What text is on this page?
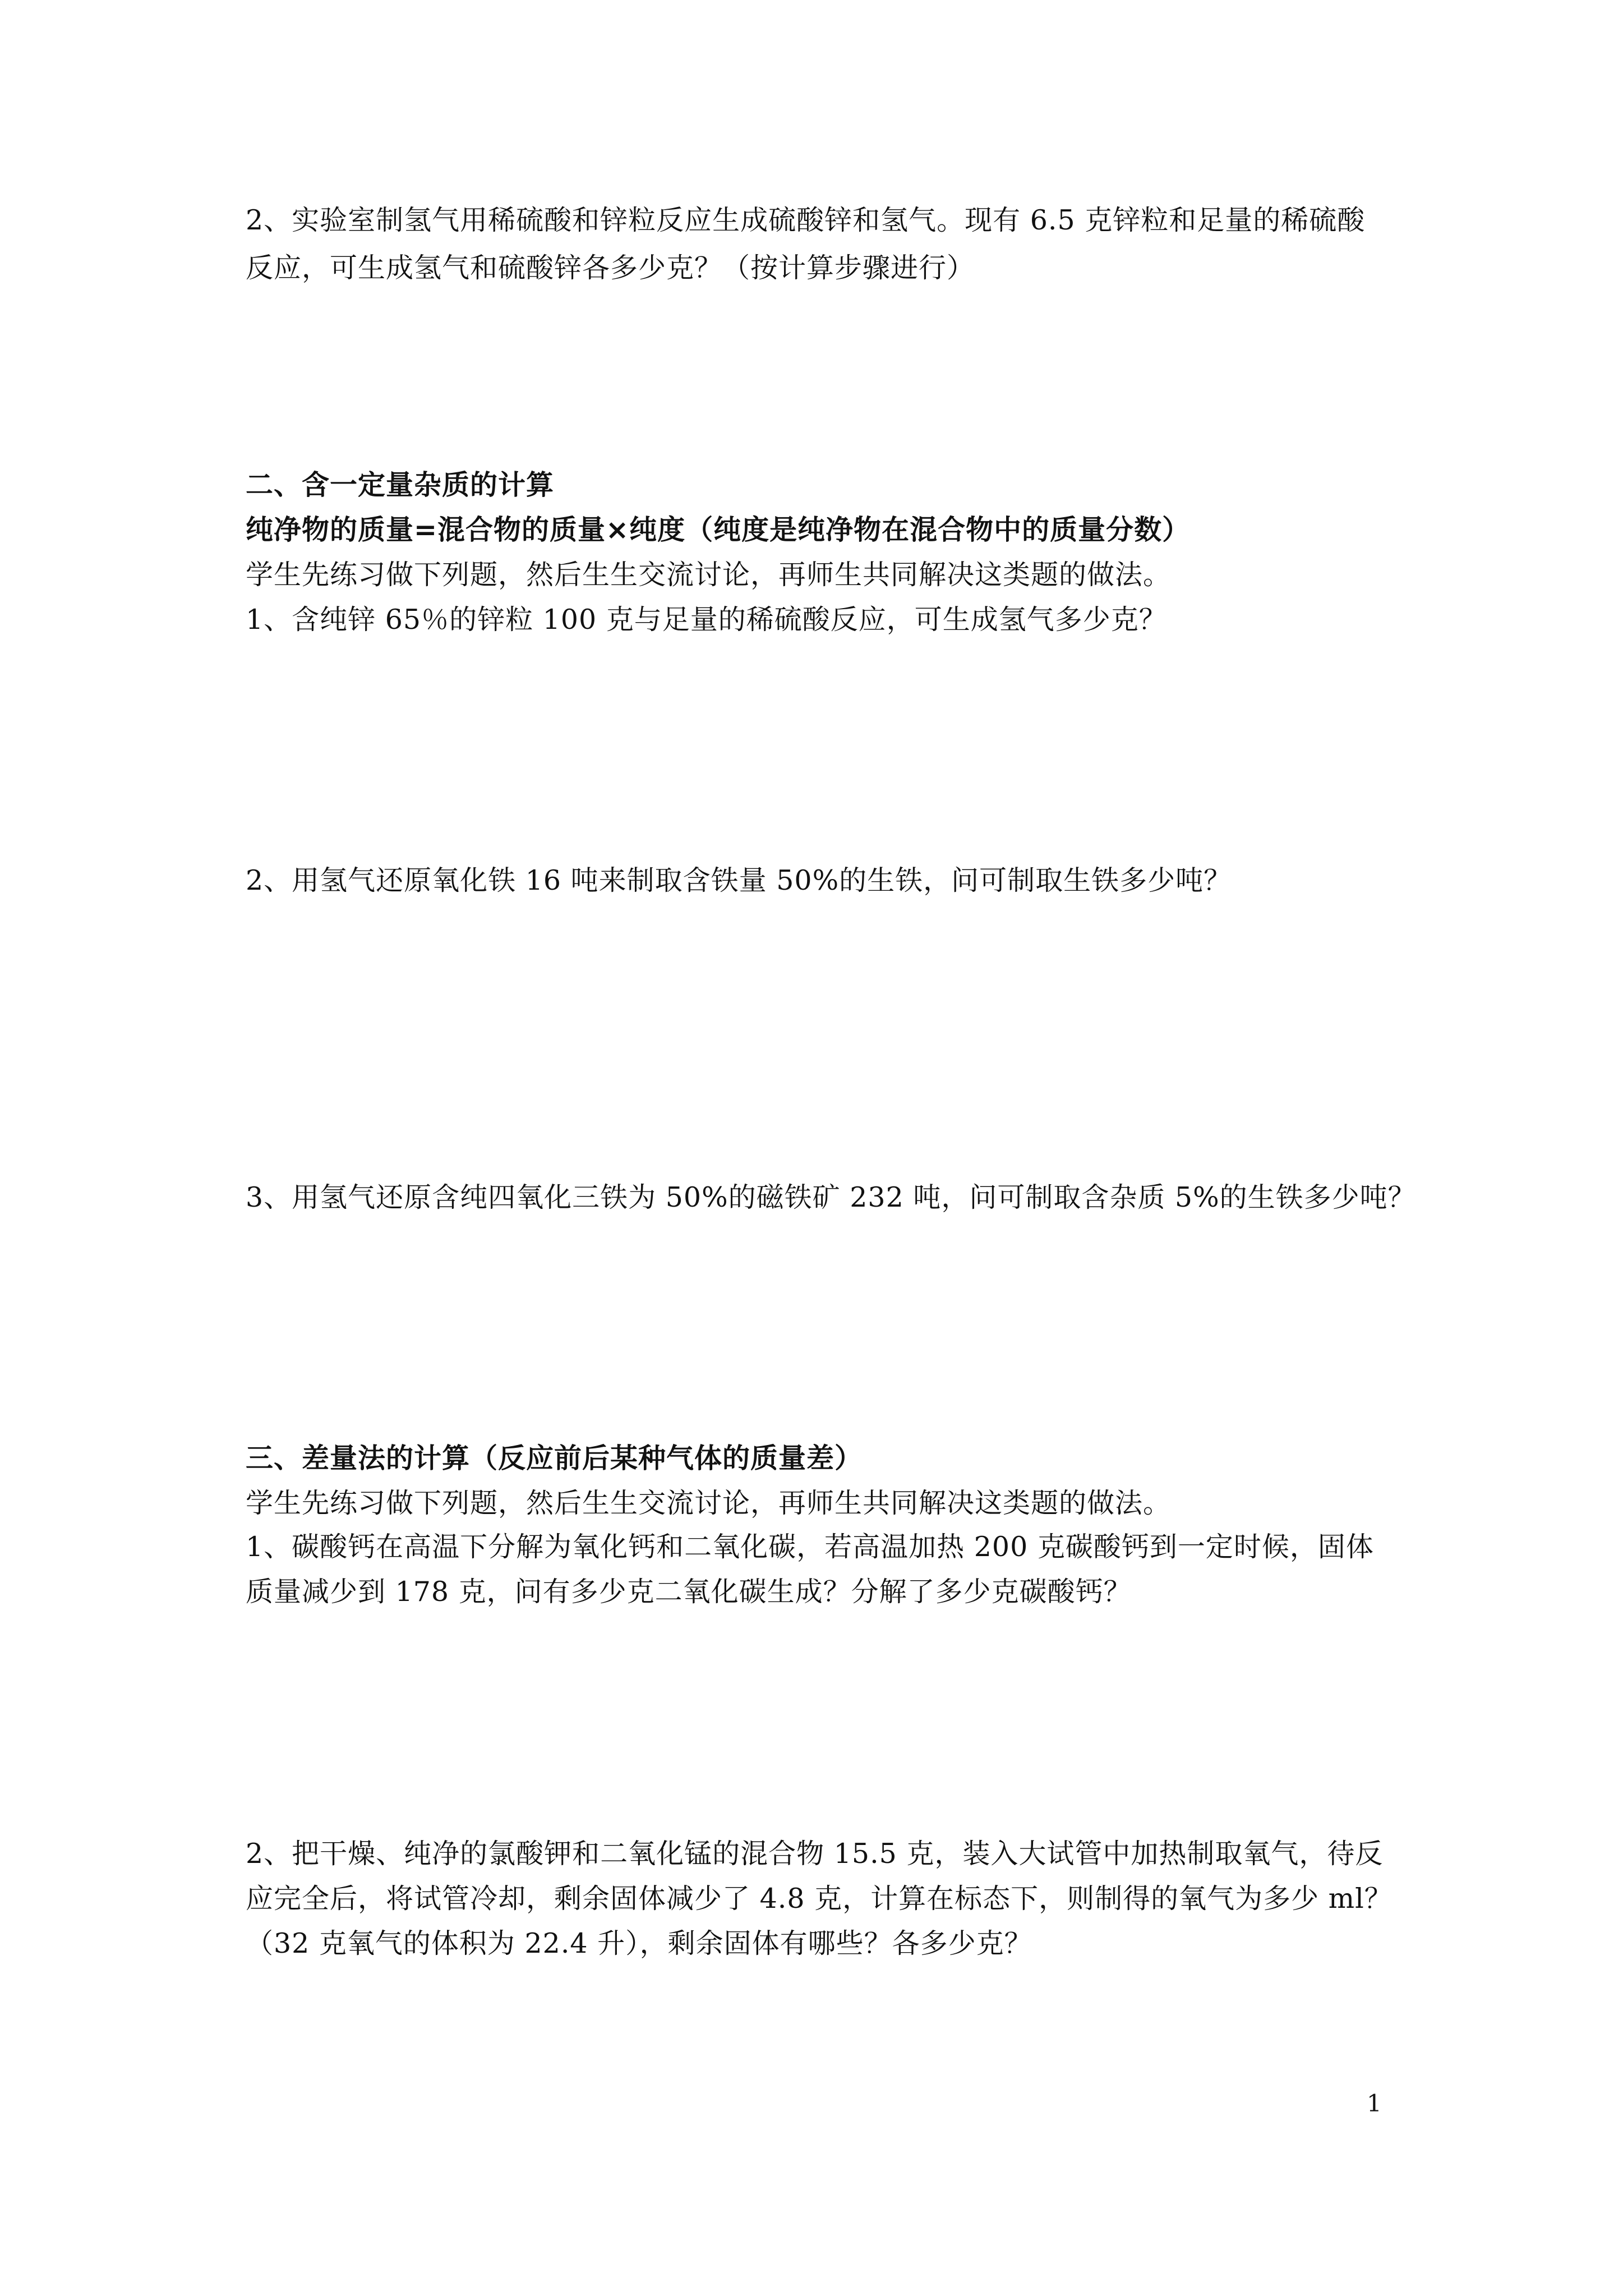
2、实验室制氢气用稀硫酸和锌粒反应生成硫酸锌和氢气。现有 6.5 克锌粒和足量的稀硫酸
反应，可生成氢气和硫酸锌各多少克？（按计算步骤进行）
二、含一定量杂质的计算
纯净物的质量=混合物的质量×纯度（纯度是纯净物在混合物中的质量分数）
学生先练习做下列题，然后生生交流讨论，再师生共同解决这类题的做法。
1、含纯锌 65％的锌粒 100 克与足量的稀硫酸反应，可生成氢气多少克？
2、用氢气还原氧化铁 16 吨来制取含铁量 50%的生铁，问可制取生铁多少吨？
3、用氢气还原含纯四氧化三铁为 50%的磁铁矿 232 吨，问可制取含杂质 5%的生铁多少吨？
三、差量法的计算（反应前后某种气体的质量差）
学生先练习做下列题，然后生生交流讨论，再师生共同解决这类题的做法。
1、碳酸钙在高温下分解为氧化钙和二氧化碳，若高温加热 200 克碳酸钙到一定时候，固体
质量减少到 178 克，问有多少克二氧化碳生成？分解了多少克碳酸钙？
2、把干燥、纯净的氯酸钾和二氧化锰的混合物 15.5 克，装入大试管中加热制取氧气，待反
应完全后，将试管冷却，剩余固体减少了 4.8 克，计算在标态下，则制得的氧气为多少 ml？
（32 克氧气的体积为 22.4 升），剩余固体有哪些？各多少克？
1
